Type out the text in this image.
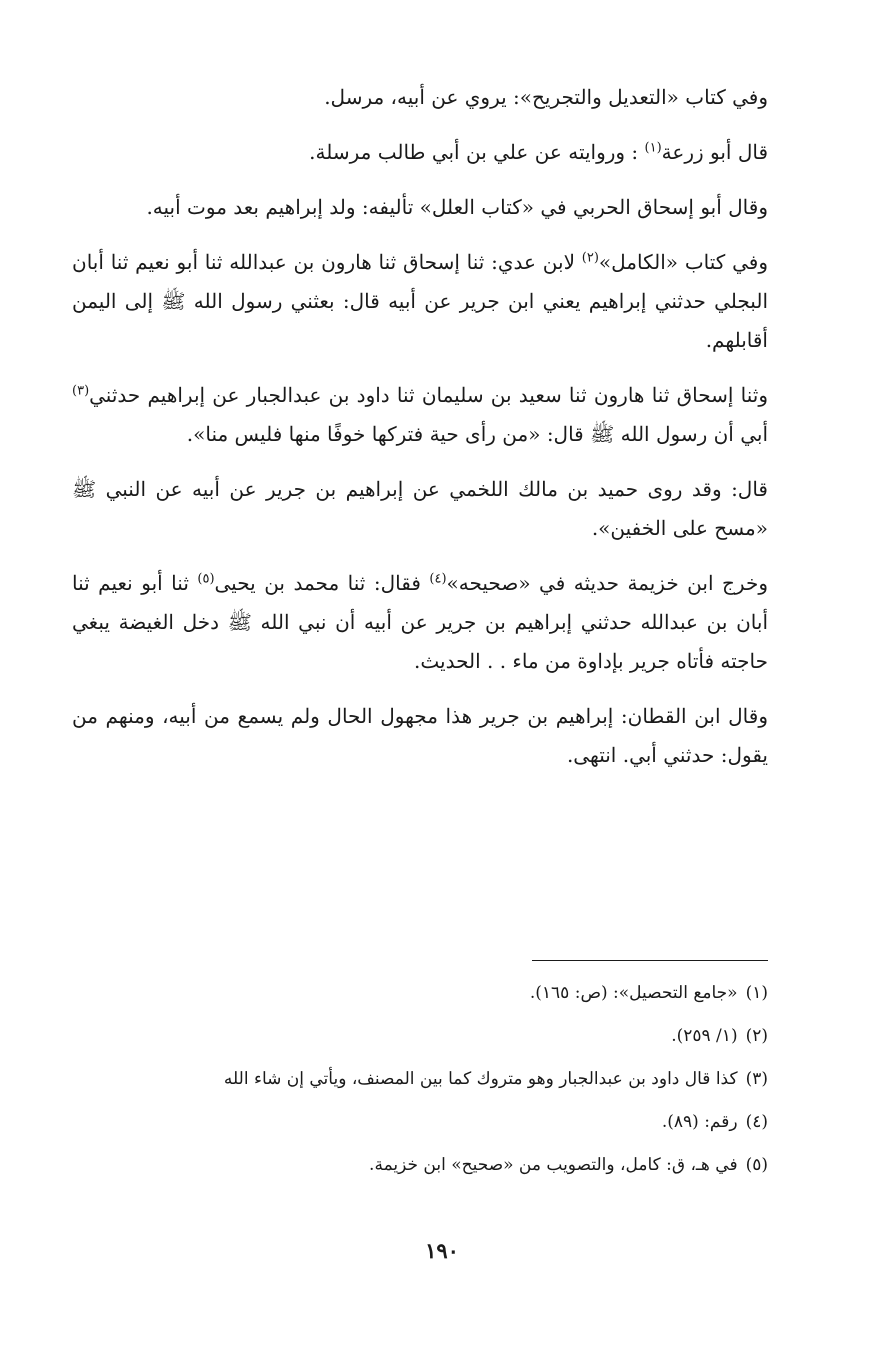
وفي كتاب «التعديل والتجريح»: يروي عن أبيه، مرسل.

قال أبو زرعة$^{(١)}$ : وروايته عن علي بن أبي طالب مرسلة.

وقال أبو إسحاق الحربي في «كتاب العلل» تأليفه: ولد إبراهيم بعد موت أبيه.

وفي كتاب «الكامل»$^{(٢)}$ لابن عدي: ثنا إسحاق ثنا هارون بن عبدالله ثنا أبو نعيم ثنا أبان البجلي حدثني إبراهيم يعني ابن جرير عن أبيه قال: بعثني رسول الله ﷺ إلى اليمن أقابلهم.

وثنا إسحاق ثنا هارون ثنا سعيد بن سليمان ثنا داود بن عبدالجبار عن إبراهيم حدثني$^{(٣)}$ أبي أن رسول الله ﷺ قال: «من رأى حية فتركها خوفًا منها فليس منا».

قال: وقد روى حميد بن مالك اللخمي عن إبراهيم بن جرير عن أبيه عن النبي ﷺ «مسح على الخفين».

وخرج ابن خزيمة حديثه في «صحيحه»$^{(٤)}$ فقال: ثنا محمد بن يحيى$^{(٥)}$ ثنا أبو نعيم ثنا أبان بن عبدالله حدثني إبراهيم بن جرير عن أبيه أن نبي الله ﷺ دخل الغيضة يبغي حاجته فأتاه جرير بإداوة من ماء . . الحديث.

وقال ابن القطان: إبراهيم بن جرير هذا مجهول الحال ولم يسمع من أبيه، ومنهم من يقول: حدثني أبي. انتهى.

(١)«جامع التحصيل»: (ص: ١٦٥).
(٢)(١/ ٢٥٩).
(٣)كذا قال داود بن عبدالجبار وهو متروك كما بين المصنف، ويأتي إن شاء الله
(٤)رقم: (٨٩).
(٥)في هـ، ق: كامل، والتصويب من «صحيح» ابن خزيمة.
١٩٠
